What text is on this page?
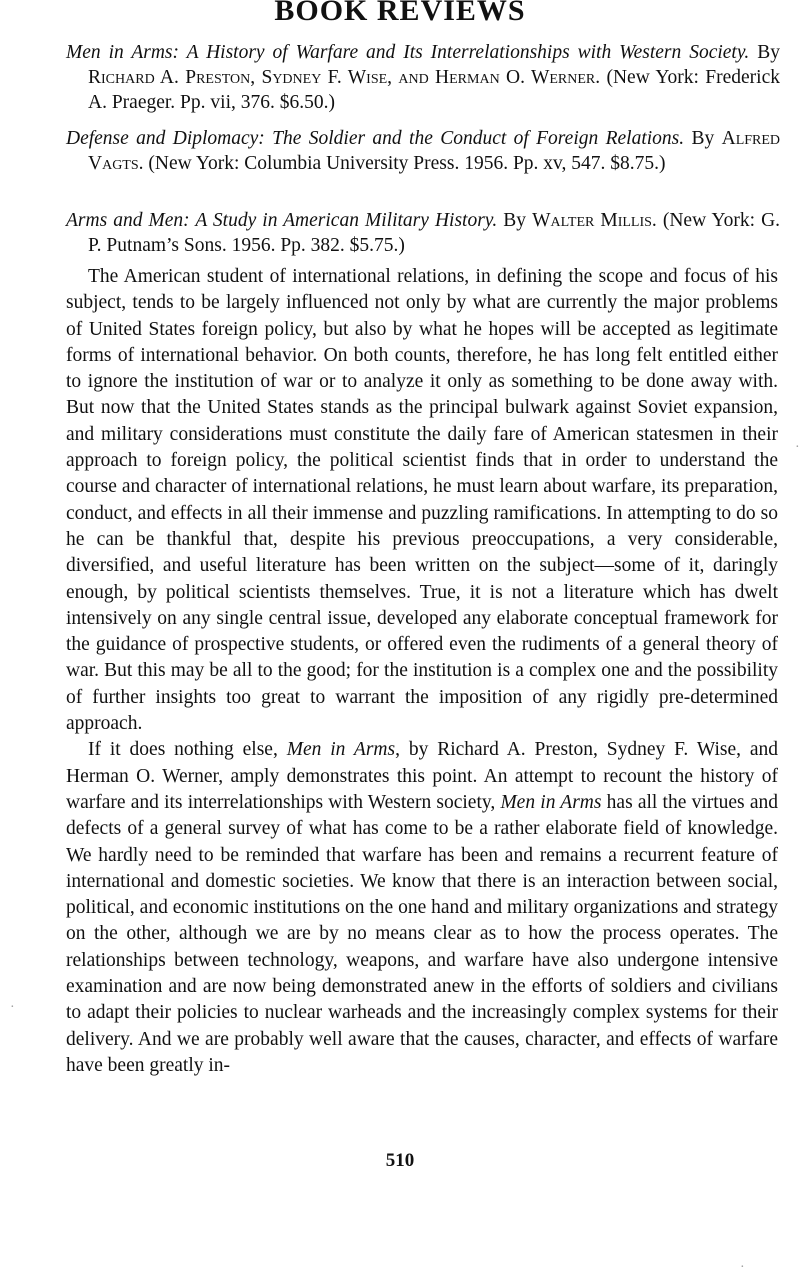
BOOK REVIEWS
Men in Arms: A History of Warfare and Its Interrelationships with Western Society. By Richard A. Preston, Sydney F. Wise, and Herman O. Werner. (New York: Frederick A. Praeger. Pp. vii, 376. $6.50.)
Defense and Diplomacy: The Soldier and the Conduct of Foreign Relations. By Alfred Vagts. (New York: Columbia University Press. 1956. Pp. xv, 547. $8.75.)
Arms and Men: A Study in American Military History. By Walter Millis. (New York: G. P. Putnam’s Sons. 1956. Pp. 382. $5.75.)

The American student of international relations, in defining the scope and focus of his subject, tends to be largely influenced not only by what are currently the major problems of United States foreign policy, but also by what he hopes will be accepted as legitimate forms of international behavior. On both counts, therefore, he has long felt entitled either to ignore the institution of war or to analyze it only as something to be done away with. But now that the United States stands as the principal bulwark against Soviet expansion, and military considerations must constitute the daily fare of American statesmen in their approach to foreign policy, the political scientist finds that in order to understand the course and character of international relations, he must learn about warfare, its preparation, conduct, and effects in all their immense and puzzling ramifications. In attempting to do so he can be thankful that, despite his previous preoccupations, a very considerable, diversified, and useful literature has been written on the subject—some of it, daringly enough, by political scientists themselves. True, it is not a literature which has dwelt intensively on any single central issue, developed any elaborate conceptual framework for the guidance of prospective students, or offered even the rudiments of a general theory of war. But this may be all to the good; for the institution is a complex one and the possibility of further insights too great to warrant the imposition of any rigidly pre-determined approach.

If it does nothing else, Men in Arms, by Richard A. Preston, Sydney F. Wise, and Herman O. Werner, amply demonstrates this point. An attempt to recount the history of warfare and its interrelationships with Western society, Men in Arms has all the virtues and defects of a general survey of what has come to be a rather elaborate field of knowledge. We hardly need to be reminded that warfare has been and remains a recurrent feature of international and domestic societies. We know that there is an interaction between social, political, and economic institutions on the one hand and military organizations and strategy on the other, although we are by no means clear as to how the process operates. The relationships between technology, weapons, and warfare have also undergone intensive examination and are now being demonstrated anew in the efforts of soldiers and civilians to adapt their policies to nuclear warheads and the increasingly complex systems for their delivery. And we are probably well aware that the causes, character, and effects of warfare have been greatly in-

510
·
·
·
